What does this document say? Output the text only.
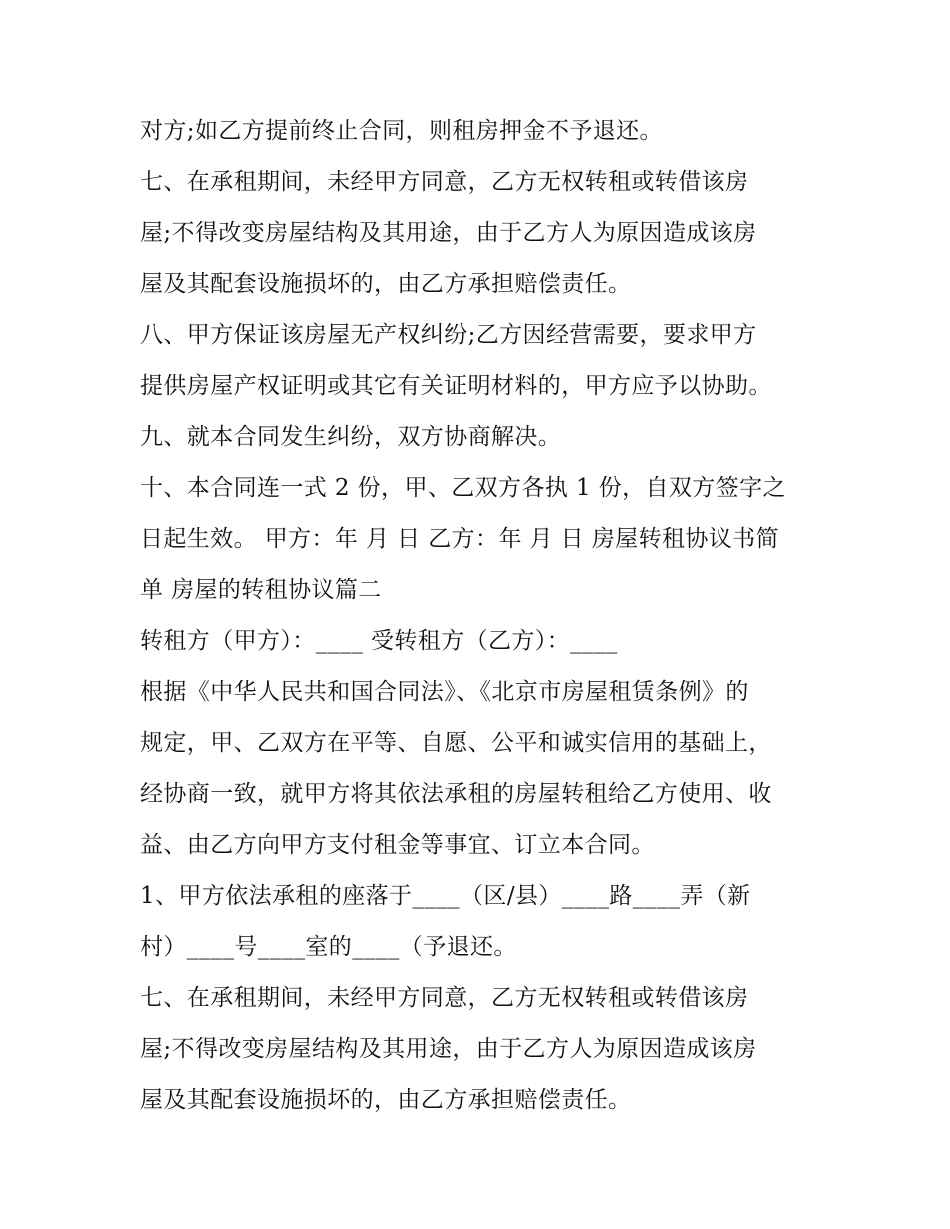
对方;如乙方提前终止合同，则租房押金不予退还。
七、在承租期间，未经甲方同意，乙方无权转租或转借该房
屋;不得改变房屋结构及其用途，由于乙方人为原因造成该房
屋及其配套设施损坏的，由乙方承担赔偿责任。
八、甲方保证该房屋无产权纠纷;乙方因经营需要，要求甲方
提供房屋产权证明或其它有关证明材料的，甲方应予以协助。
九、就本合同发生纠纷，双方协商解决。
十、本合同连一式 2 份，甲、乙双方各执 1 份，自双方签字之
日起生效。 甲方：年 月 日 乙方：年 月 日 房屋转租协议书简
单 房屋的转租协议篇二
转租方（甲方）：____ 受转租方（乙方）：____
根据《中华人民共和国合同法》、《北京市房屋租赁条例》的
规定，甲、乙双方在平等、自愿、公平和诚实信用的基础上，
经协商一致，就甲方将其依法承租的房屋转租给乙方使用、收
益、由乙方向甲方支付租金等事宜、订立本合同。
1、甲方依法承租的座落于____（区/县）____路____弄（新
村）____号____室的____（予退还。
七、在承租期间，未经甲方同意，乙方无权转租或转借该房
屋;不得改变房屋结构及其用途，由于乙方人为原因造成该房
屋及其配套设施损坏的，由乙方承担赔偿责任。
